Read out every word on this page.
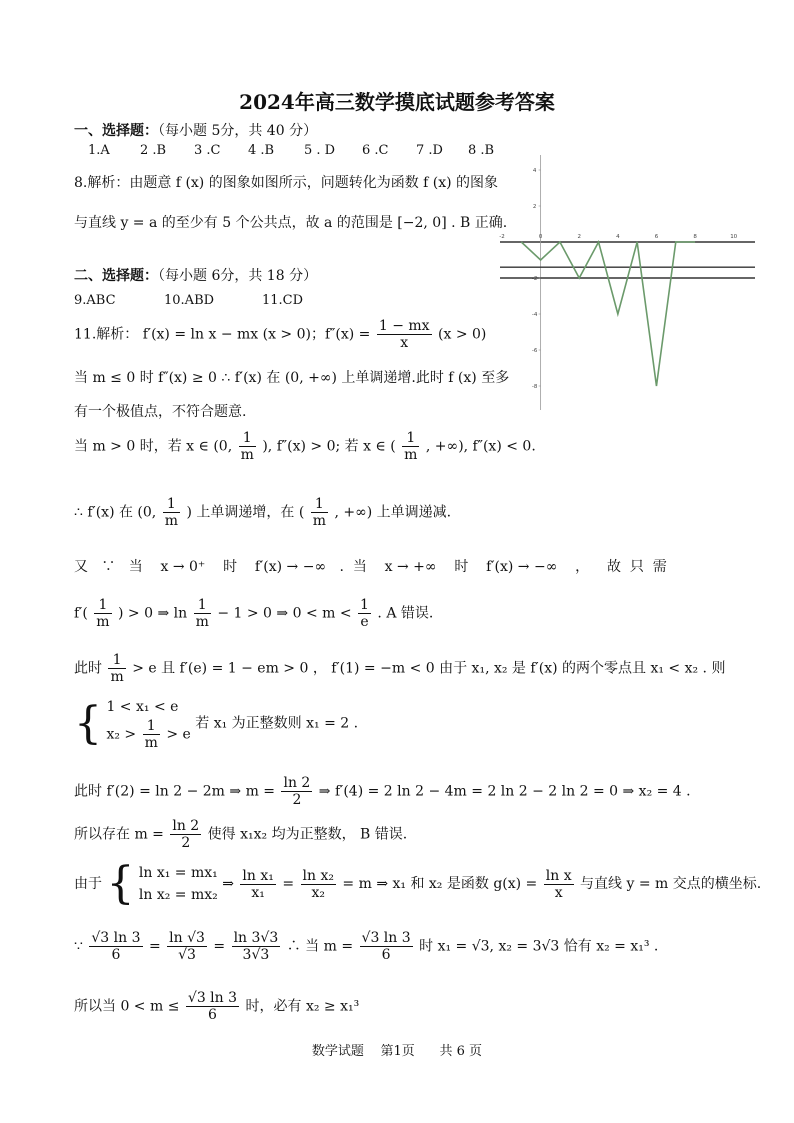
2024年高三数学摸底试题参考答案
一、选择题：（每小题 5分，共 40 分）
1.A 2 .B 3 .C 4 .B 5 . D 6 .C 7 .D 8 .B
8.解析：由题意 f (x) 的图象如图所示，问题转化为函数 f (x) 的图象
与直线 y = a 的至少有 5 个公共点，故 a 的范围是 [−2, 0] . B 正确.
-2	0	2	4	6	8	10
4
2
-2
-4
-6
-8
二、选择题：（每小题 6分，共 18 分）
9.ABC	10.ABD	11.CD
11.解析： f′(x) = ln x − mx (x > 0)；$f''(x) = \frac{1 - mx}{x} (x > 0)$
当 m ≤ 0 时 f″(x) ≥ 0 ∴ f′(x) 在 (0, +∞) 上单调递增.此时 f (x) 至多
有一个极值点，不符合题意.
当 m > 0 时，若 x ∈ (0, $\frac{1}{m}$ ), f″(x) > 0; 若 x ∈ ( $\frac{1}{m}$ , +∞), f″(x) < 0.
∴ f′(x) 在 (0, $\frac{1}{m}$ ) 上单调递增，在 ( $\frac{1}{m}$ , +∞) 上单调递减.
又   ∵   当    x → 0⁺    时    f′(x) → −∞   .  当    x → +∞    时    f′(x) → −∞    ，    故  只  需
$f'( \frac{1}{m}$ ) > 0 ⇒ $\ln \frac{1}{m} - 1 > 0$ ⇒ $0 < m < \frac{1}{e}$ . A 错误.
此时 $\frac{1}{m} > e$ 且 f′(e) = 1 − em > 0 ， f′(1) = −m < 0 由于 x₁, x₂ 是 f′(x) 的两个零点且 x₁ < x₂ . 则
{ 1 < x₁ < e
$x_2 > \frac{1}{m} > e$
若 x₁ 为正整数则 x₁ = 2 .
此时 f′(2) = ln 2 − 2m ⇒ $m = \frac{\ln 2}{2}$ ⇒ f′(4) = 2 ln 2 − 4m = 2 ln 2 − 2 ln 2 = 0 ⇒ x₂ = 4 .
所以存在 $m = \frac{\ln 2}{2}$ 使得 x₁x₂ 均为正整数， B 错误.
由于 { ln x₁ = mx₁
ln x₂ = mx₂
⇒ $\frac{\text{ln x₁}}{\text{x₁}} = \frac{\text{ln x₂}}{\text{x₂}} = m$ ⇒ x₁ 和 x₂ 是函数 $g(x) = \frac{\text{ln x}}{x}$ 与直线 y = m 交点的横坐标.
∵ $\frac{√3 \ln 3}{6} = \frac{\ln √3}{√3} = \frac{\ln 3√3}{3√3}$ ∴ 当 $m = \frac{√3 \ln 3}{6}$ 时 x₁ = √3, x₂ = 3√3 恰有 x₂ = x₁³ .
所以当 $0 < m \le \frac{√3 \ln 3}{6}$ 时，必有 x₂ ≥ x₁³
数学试题    第1页      共 6 页
